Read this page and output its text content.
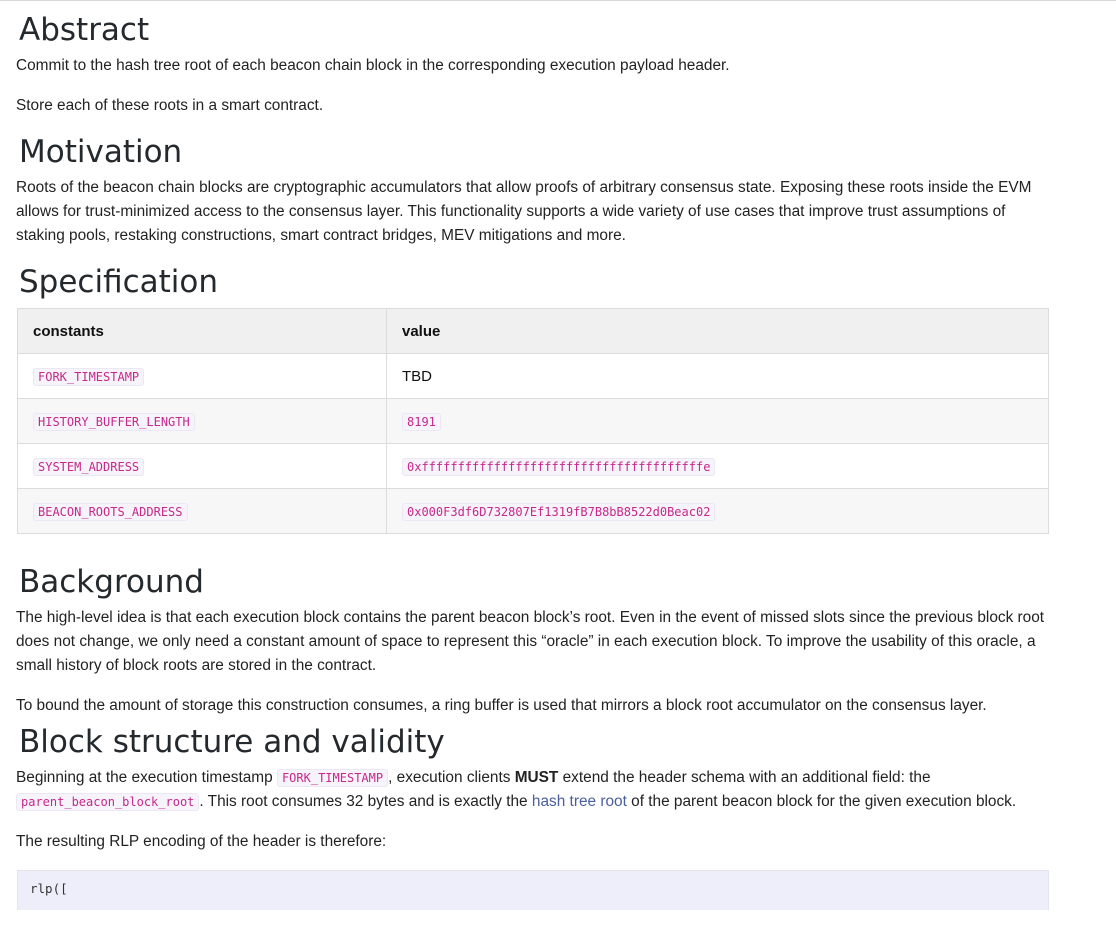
Abstract

Commit to the hash tree root of each beacon chain block in the corresponding execution payload header.

Store each of these roots in a smart contract.

Motivation

Roots of the beacon chain blocks are cryptographic accumulators that allow proofs of arbitrary consensus state. Exposing these roots inside the EVM allows for trust-minimized access to the consensus layer. This functionality supports a wide variety of use cases that improve trust assumptions of staking pools, restaking constructions, smart contract bridges, MEV mitigations and more.

Specification
constants	value
FORK_TIMESTAMP	TBD
HISTORY_BUFFER_LENGTH	8191
SYSTEM_ADDRESS	0xfffffffffffffffffffffffffffffffffffffffe
BEACON_ROOTS_ADDRESS	0x000F3df6D732807Ef1319fB7B8bB8522d0Beac02
Background

The high-level idea is that each execution block contains the parent beacon block’s root. Even in the event of missed slots since the previous block root does not change, we only need a constant amount of space to represent this “oracle” in each execution block. To improve the usability of this oracle, a small history of block roots are stored in the contract.

To bound the amount of storage this construction consumes, a ring buffer is used that mirrors a block root accumulator on the consensus layer.

Block structure and validity

Beginning at the execution timestamp FORK_TIMESTAMP , execution clients MUST extend the header schema with an additional field: the parent_beacon_block_root . This root consumes 32 bytes and is exactly the hash tree root of the parent beacon block for the given execution block.

The resulting RLP encoding of the header is therefore:

rlp([
